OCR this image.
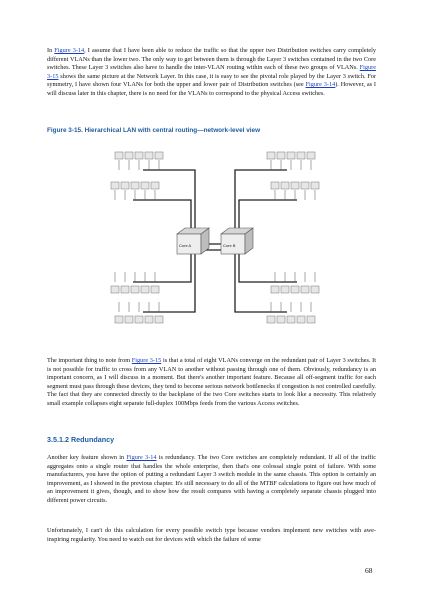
In Figure 3-14, I assume that I have been able to reduce the traffic so that the upper two Distribution switches carry completely different VLANs than the lower two. The only way to get between them is through the Layer 3 switches contained in the two Core switches. These Layer 3 switches also have to handle the inter-VLAN routing within each of these two groups of VLANs. Figure 3-15 shows the same picture at the Network Layer. In this case, it is easy to see the pivotal role played by the Layer 3 switch. For symmetry, I have shown four VLANs for both the upper and lower pair of Distribution switches (see Figure 3-14). However, as I will discuss later in this chapter, there is no need for the VLANs to correspond to the physical Access switches.

Figure 3-15. Hierarchical LAN with central routing—network-level view
Core A	Core B

The important thing to note from Figure 3-15 is that a total of eight VLANs converge on the redundant pair of Layer 3 switches. It is not possible for traffic to cross from any VLAN to another without passing through one of them. Obviously, redundancy is an important concern, as I will discuss in a moment. But there's another important feature. Because all off-segment traffic for each segment must pass through these devices, they tend to become serious network bottlenecks if congestion is not controlled carefully. The fact that they are connected directly to the backplane of the two Core switches starts to look like a necessity. This relatively small example collapses eight separate full-duplex 100Mbps feeds from the various Access switches.

3.5.1.2 Redundancy

Another key feature shown in Figure 3-14 is redundancy. The two Core switches are completely redundant. If all of the traffic aggregates onto a single router that handles the whole enterprise, then that's one colossal single point of failure. With some manufacturers, you have the option of putting a redundant Layer 3 switch module in the same chassis. This option is certainly an improvement, as I showed in the previous chapter. It's still necessary to do all of the MTBF calculations to figure out how much of an improvement it gives, though, and to show how the result compares with having a completely separate chassis plugged into different power circuits.

Unfortunately, I can't do this calculation for every possible switch type because vendors implement new switches with awe-inspiring regularity. You need to watch out for devices with which the failure of some

68
